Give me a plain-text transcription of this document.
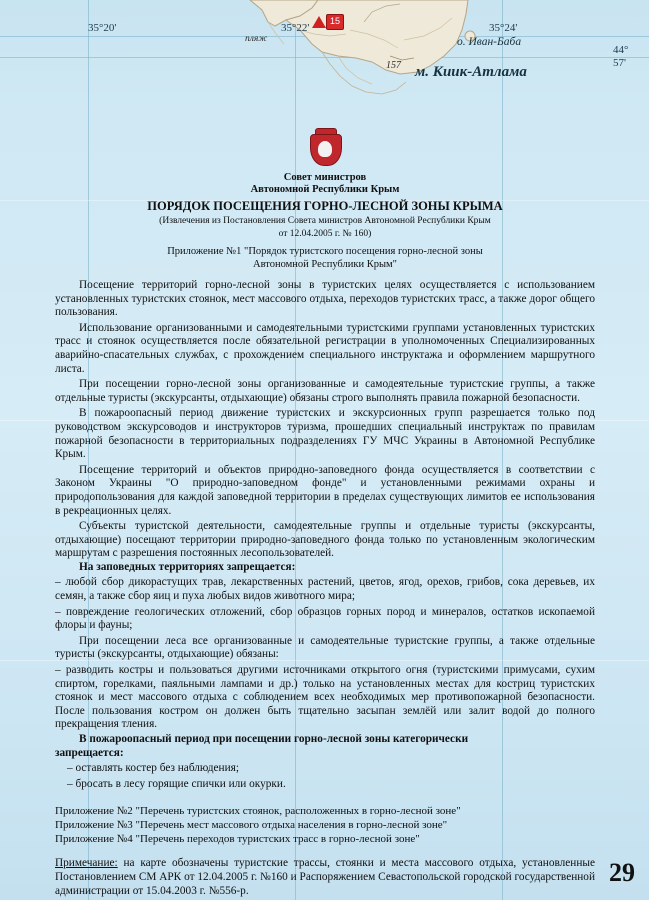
35°20'	35°22'	35°24'
44°
57'
15
пляж
157
о. Иван-Баба
м. Киик-Атлама
Совет министров
Автономной Республики Крым
ПОРЯДОК ПОСЕЩЕНИЯ ГОРНО-ЛЕСНОЙ ЗОНЫ КРЫМА
(Извлечения из Постановления Совета министров Автономной Республики Крым
от 12.04.2005 г. № 160)
Приложение №1 "Порядок туристского посещения горно-лесной зоны
Автономной Республики Крым"
Посещение территорий горно-лесной зоны в туристских целях осуществляется с использованием установленных туристских стоянок, мест массового отдыха, переходов туристских трасс, а также дорог общего пользования.
Использование организованными и самодеятельными туристскими группами установленных туристских трасс и стоянок осуществляется после обязательной регистрации в уполномоченных Специализированных аварийно-спасательных службах, с прохождением специального инструктажа и оформлением маршрутного листа.
При посещении горно-лесной зоны организованные и самодеятельные туристские группы, а также отдельные туристы (экскурсанты, отдыхающие) обязаны строго выполнять правила пожарной безопасности.
В пожароопасный период движение туристских и экскурсионных групп разрешается только под руководством экскурсоводов и инструкторов туризма, прошедших специальный инструктаж по правилам пожарной безопасности в территориальных подразделениях ГУ МЧС Украины в Автономной Республике Крым.
Посещение территорий и объектов природно-заповедного фонда осуществляется в соответствии с Законом Украины "О природно-заповедном фонде" и установленными режимами охраны и природопользования для каждой заповедной территории в пределах существующих лимитов ее использования в рекреационных целях.
Субъекты туристской деятельности, самодеятельные группы и отдельные туристы (экскурсанты, отдыхающие) посещают территории природно-заповедного фонда только по установленным экологическим маршрутам с разрешения постоянных лесопользователей.
На заповедных территориях запрещается:
– любой сбор дикорастущих трав, лекарственных растений, цветов, ягод, орехов, грибов, сока деревьев, их семян, а также сбор яиц и пуха любых видов животного мира;
– повреждение геологических отложений, сбор образцов горных пород и минералов, остатков ископаемой флоры и фауны;
При посещении леса все организованные и самодеятельные туристские группы, а также отдельные туристы (экскурсанты, отдыхающие) обязаны:
– разводить костры и пользоваться другими источниками открытого огня (туристскими примусами, сухим спиртом, горелками, паяльными лампами и др.) только на установленных местах для костриц туристских стоянок и мест массового отдыха с соблюдением всех необходимых мер противопожарной безопасности. После пользования костром он должен быть тщательно засыпан землёй или залит водой до полного прекращения тления.
В пожароопасный период при посещении горно-лесной зоны категорически
запрещается:
– оставлять костер без наблюдения;
– бросать в лесу горящие спички или окурки.
Приложение №2 "Перечень туристских стоянок, расположенных в горно-лесной зоне"
Приложение №3 "Перечень мест массового отдыха населения в горно-лесной зоне"
Приложение №4 "Перечень переходов туристских трасс в горно-лесной зоне"
Примечание: на карте обозначены туристские трассы, стоянки и места массового отдыха, установленные Постановлением СМ АРК от 12.04.2005 г. №160 и Распоряжением Севастопольской городской государственной администрации от 15.04.2003 г. №556-р.
29
